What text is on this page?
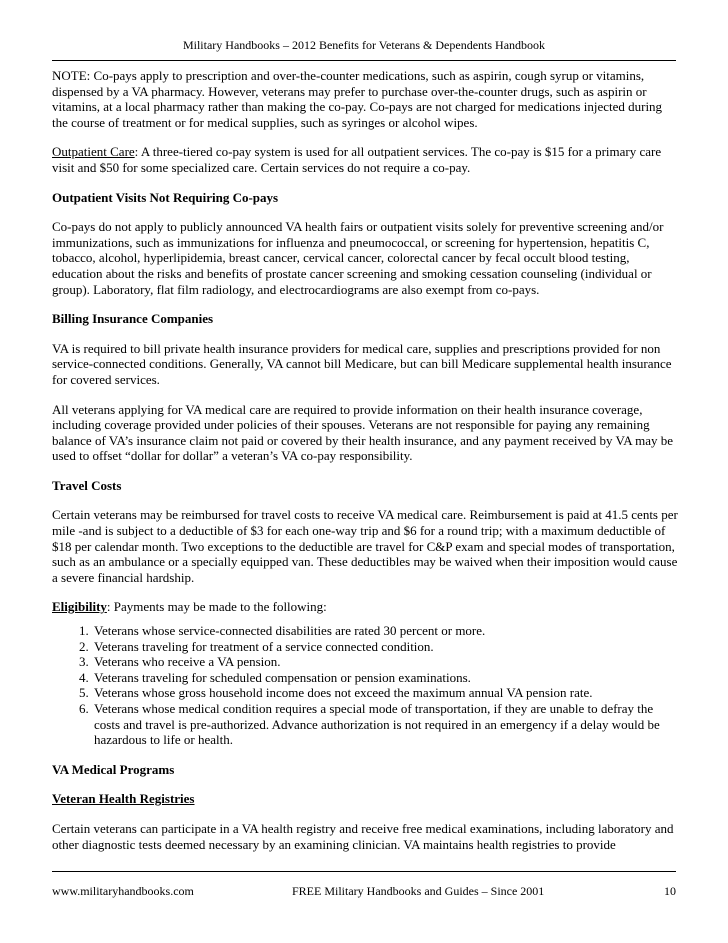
Military Handbooks – 2012 Benefits for Veterans & Dependents Handbook

NOTE: Co-pays apply to prescription and over-the-counter medications, such as aspirin, cough syrup or vitamins, dispensed by a VA pharmacy. However, veterans may prefer to purchase over-the-counter drugs, such as aspirin or vitamins, at a local pharmacy rather than making the co-pay. Co-pays are not charged for medications injected during the course of treatment or for medical supplies, such as syringes or alcohol wipes.

Outpatient Care: A three-tiered co-pay system is used for all outpatient services. The co-pay is $15 for a primary care visit and $50 for some specialized care. Certain services do not require a co-pay.

Outpatient Visits Not Requiring Co-pays

Co-pays do not apply to publicly announced VA health fairs or outpatient visits solely for preventive screening and/or immunizations, such as immunizations for influenza and pneumococcal, or screening for hypertension, hepatitis C, tobacco, alcohol, hyperlipidemia, breast cancer, cervical cancer, colorectal cancer by fecal occult blood testing, education about the risks and benefits of prostate cancer screening and smoking cessation counseling (individual or group). Laboratory, flat film radiology, and electrocardiograms are also exempt from co-pays.

Billing Insurance Companies

VA is required to bill private health insurance providers for medical care, supplies and prescriptions provided for non service-connected conditions. Generally, VA cannot bill Medicare, but can bill Medicare supplemental health insurance for covered services.

All veterans applying for VA medical care are required to provide information on their health insurance coverage, including coverage provided under policies of their spouses. Veterans are not responsible for paying any remaining balance of VA’s insurance claim not paid or covered by their health insurance, and any payment received by VA may be used to offset “dollar for dollar” a veteran’s VA co-pay responsibility.

Travel Costs

Certain veterans may be reimbursed for travel costs to receive VA medical care. Reimbursement is paid at 41.5 cents per mile -and is subject to a deductible of $3 for each one-way trip and $6 for a round trip; with a maximum deductible of $18 per calendar month. Two exceptions to the deductible are travel for C&P exam and special modes of transportation, such as an ambulance or a specially equipped van. These deductibles may be waived when their imposition would cause a severe financial hardship.

Eligibility: Payments may be made to the following:

1. Veterans whose service-connected disabilities are rated 30 percent or more.
2. Veterans traveling for treatment of a service connected condition.
3. Veterans who receive a VA pension.
4. Veterans traveling for scheduled compensation or pension examinations.
5. Veterans whose gross household income does not exceed the maximum annual VA pension rate.
6. Veterans whose medical condition requires a special mode of transportation, if they are unable to defray the costs and travel is pre-authorized. Advance authorization is not required in an emergency if a delay would be hazardous to life or health.

VA Medical Programs

Veteran Health Registries

Certain veterans can participate in a VA health registry and receive free medical examinations, including laboratory and other diagnostic tests deemed necessary by an examining clinician. VA maintains health registries to provide

www.militaryhandbooks.com	FREE Military Handbooks and Guides – Since 2001	10
